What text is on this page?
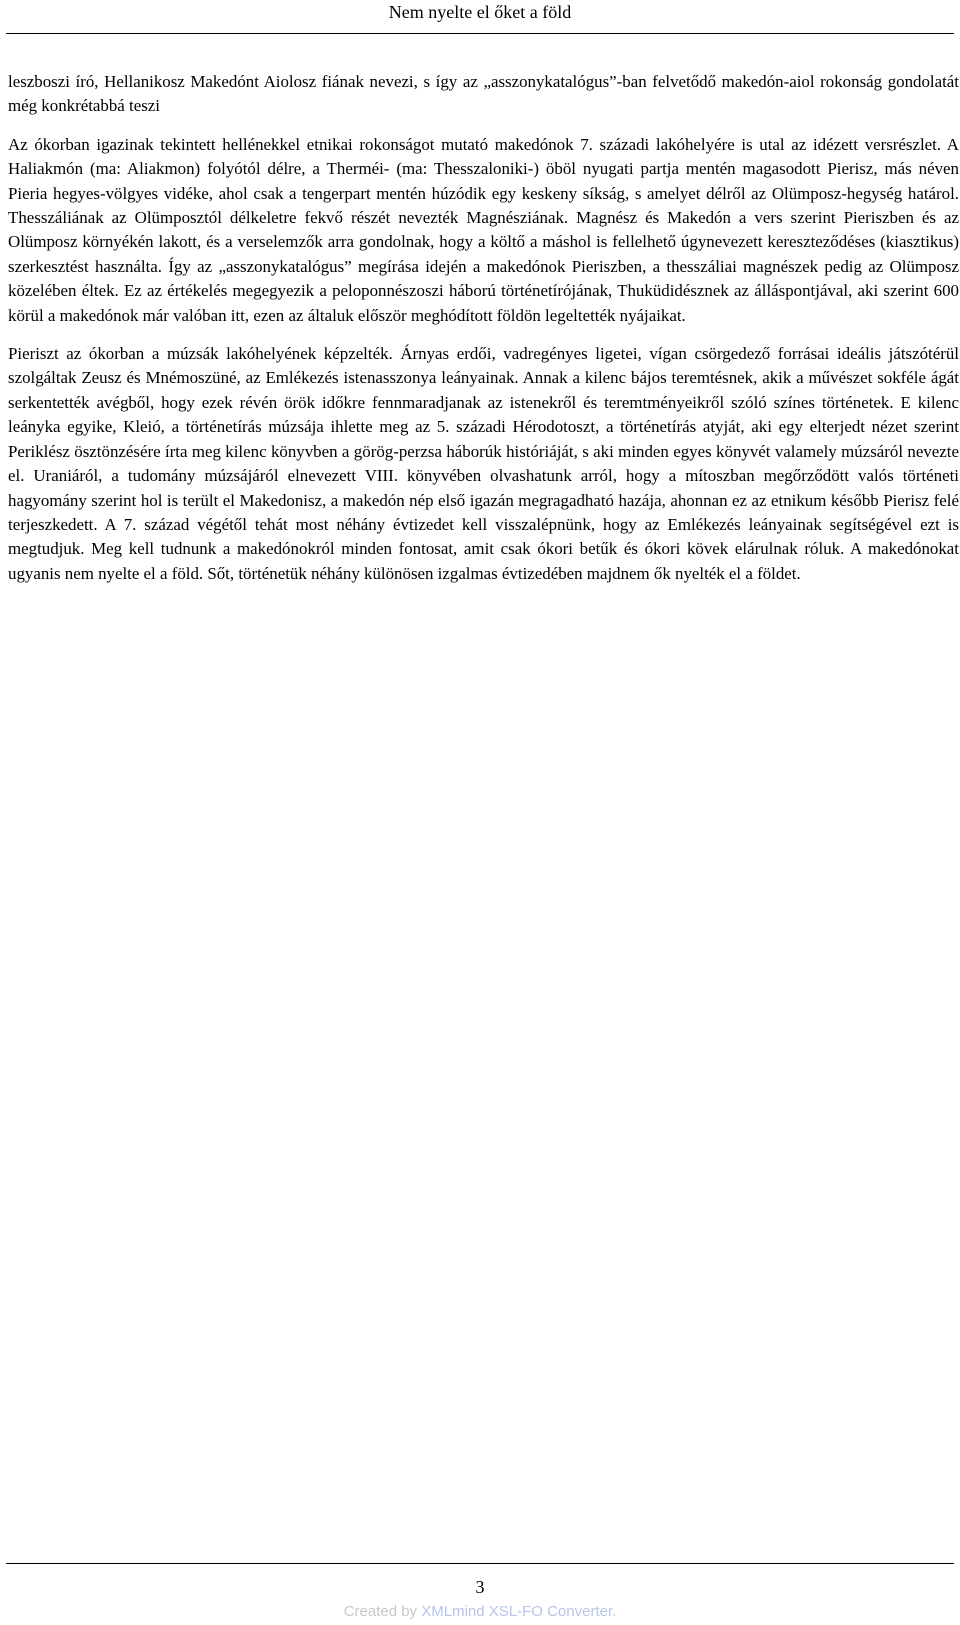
Nem nyelte el őket a föld

leszboszi író, Hellanikosz Makedónt Aiolosz fiának nevezi, s így az „asszonykatalógus”-ban felvetődő makedón-aiol rokonság gondolatát még konkrétabbá teszi

Az ókorban igazinak tekintett hellénekkel etnikai rokonságot mutató makedónok 7. századi lakóhelyére is utal az idézett versrészlet. A Haliakmón (ma: Aliakmon) folyótól délre, a Therméi- (ma: Thesszaloniki-) öböl nyugati partja mentén magasodott Pierisz, más néven Pieria hegyes-völgyes vidéke, ahol csak a tengerpart mentén húzódik egy keskeny síkság, s amelyet délről az Olümposz-hegység határol. Thesszáliának az Olümposztól délkeletre fekvő részét nevezték Magnésziának. Magnész és Makedón a vers szerint Pieriszben és az Olümposz környékén lakott, és a verselemzők arra gondolnak, hogy a költő a máshol is fellelhető úgynevezett kereszteződéses (kiasztikus) szerkesztést használta. Így az „asszonykatalógus” megírása idején a makedónok Pieriszben, a thesszáliai magnészek pedig az Olümposz közelében éltek. Ez az értékelés megegyezik a peloponnészoszi háború történetírójának, Thuküdidésznek az álláspontjával, aki szerint 600 körül a makedónok már valóban itt, ezen az általuk először meghódított földön legeltették nyájaikat.

Pieriszt az ókorban a múzsák lakóhelyének képzelték. Árnyas erdői, vadregényes ligetei, vígan csörgedező forrásai ideális játszótérül szolgáltak Zeusz és Mnémoszüné, az Emlékezés istenasszonya leányainak. Annak a kilenc bájos teremtésnek, akik a művészet sokféle ágát serkentették avégből, hogy ezek révén örök időkre fennmaradjanak az istenekről és teremtményeikről szóló színes történetek. E kilenc leányka egyike, Kleió, a történetírás múzsája ihlette meg az 5. századi Hérodotoszt, a történetírás atyját, aki egy elterjedt nézet szerint Periklész ösztönzésére írta meg kilenc könyvben a görög-perzsa háborúk históriáját, s aki minden egyes könyvét valamely múzsáról nevezte el. Uraniáról, a tudomány múzsájáról elnevezett VIII. könyvében olvashatunk arról, hogy a mítoszban megőrződött valós történeti hagyomány szerint hol is terült el Makedonisz, a makedón nép első igazán megragadható hazája, ahonnan ez az etnikum később Pierisz felé terjeszkedett. A 7. század végétől tehát most néhány évtizedet kell visszalépnünk, hogy az Emlékezés leányainak segítségével ezt is megtudjuk. Meg kell tudnunk a makedónokról minden fontosat, amit csak ókori betűk és ókori kövek elárulnak róluk. A makedónokat ugyanis nem nyelte el a föld. Sőt, történetük néhány különösen izgalmas évtizedében majdnem ők nyelték el a földet.

3
Created by XMLmind XSL-FO Converter.
